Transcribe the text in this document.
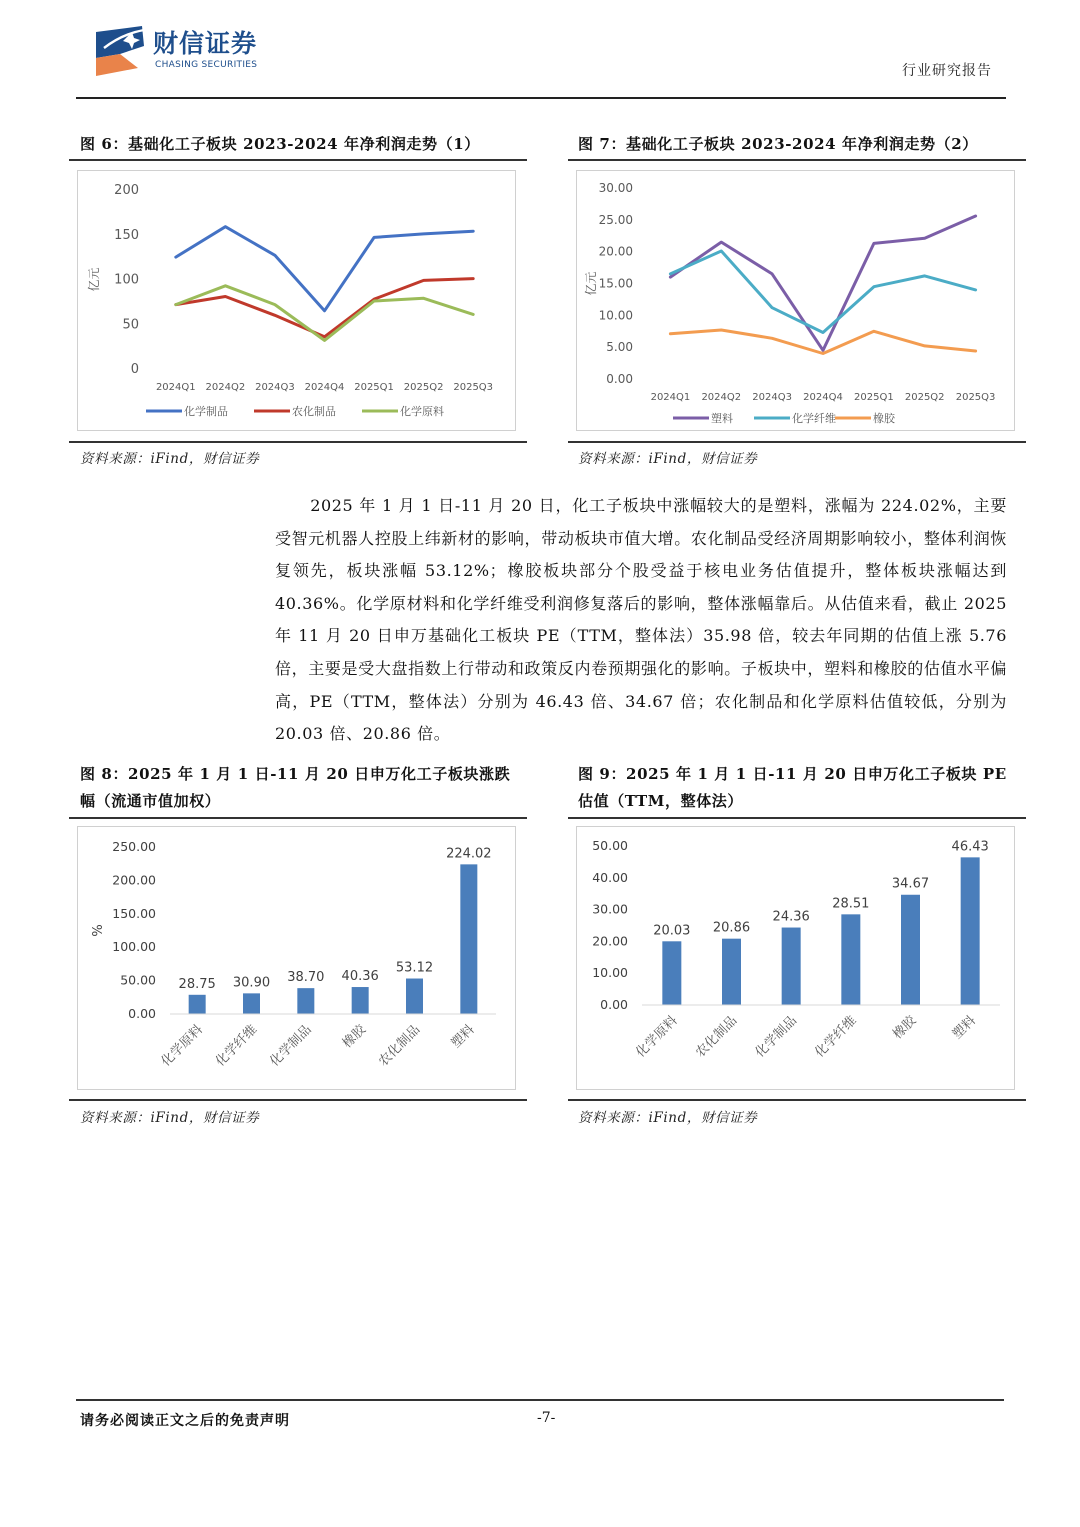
财信证券
CHASING SECURITIES	行业研究报告
图 6：基础化工子板块 2023-2024 年净利润走势（1）
0
50
100
150
200
2024Q1 2024Q2 2024Q3 2024Q4 2025Q1 2025Q2 2025Q3
亿元
化学制品	农化制品	化学原料
资料来源：iFind，财信证券
图 7：基础化工子板块 2023-2024 年净利润走势（2）
0.00
5.00
10.00
15.00
20.00
25.00
30.00
2024Q1 2024Q2 2024Q3 2024Q4 2025Q1 2025Q2 2025Q3
亿元
塑料	化学纤维	橡胶
资料来源：iFind，财信证券

2025 年 1 月 1 日-11 月 20 日，化工子板块中涨幅较大的是塑料，涨幅为 224.02%，主要受智元机器人控股上纬新材的影响，带动板块市值大增。农化制品受经济周期影响较小，整体利润恢复领先，板块涨幅 53.12%；橡胶板块部分个股受益于核电业务估值提升，整体板块涨幅达到 40.36%。化学原材料和化学纤维受利润修复落后的影响，整体涨幅靠后。从估值来看，截止 2025 年 11 月 20 日申万基础化工板块 PE（TTM，整体法）35.98 倍，较去年同期的估值上涨 5.76 倍，主要是受大盘指数上行带动和政策反内卷预期强化的影响。子板块中，塑料和橡胶的估值水平偏高，PE（TTM，整体法）分别为 46.43 倍、34.67 倍；农化制品和化学原料估值较低，分别为 20.03 倍、20.86 倍。

图 8：2025 年 1 月 1 日-11 月 20 日申万化工子板块涨跌
幅（流通市值加权）
0.00
50.00
100.00
150.00
200.00
250.00
%
28.75
化学原料
30.90
化学纤维
38.70
化学制品
40.36
橡胶
53.12
农化制品
224.02
塑料
资料来源：iFind，财信证券
图 9：2025 年 1 月 1 日-11 月 20 日申万化工子板块 PE
估值（TTM，整体法）
0.00
10.00
20.00
30.00
40.00
50.00
20.03
化学原料
20.86
农化制品
24.36
化学制品
28.51
化学纤维
34.67
橡胶
46.43
塑料
资料来源：iFind，财信证券
请务必阅读正文之后的免责声明	-7-
